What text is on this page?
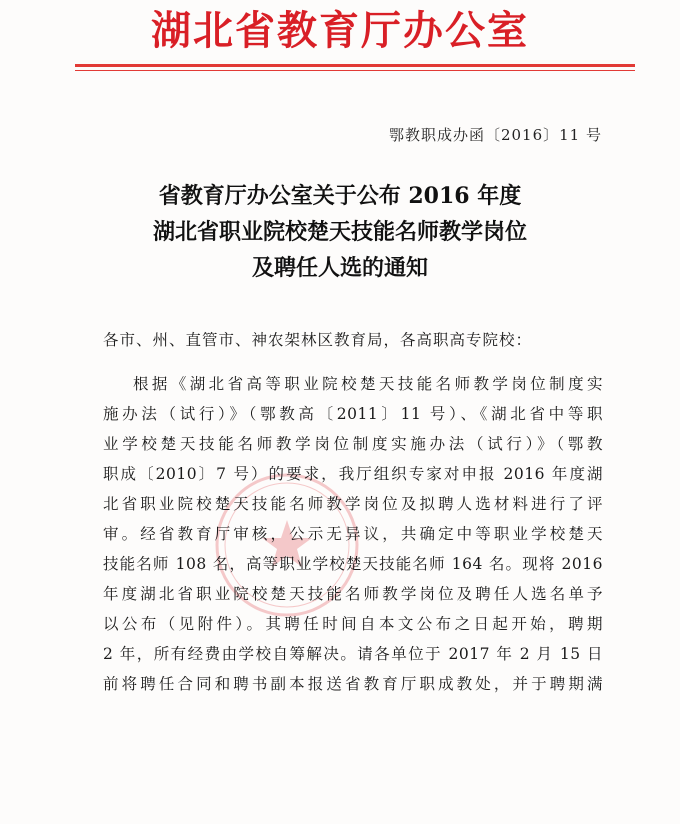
湖北省教育厅办公室
鄂教职成办函〔2016〕11 号
省教育厅办公室关于公布 2016 年度
湖北省职业院校楚天技能名师教学岗位
及聘任人选的通知
各市、州、直管市、神农架林区教育局，各高职高专院校：
根据《湖北省高等职业院校楚天技能名师教学岗位制度实
施办法（试行）》（鄂教高〔2011〕11 号）、《湖北省中等职
业学校楚天技能名师教学岗位制度实施办法（试行）》（鄂教
职成〔2010〕7 号）的要求，我厅组织专家对申报 2016 年度湖
北省职业院校楚天技能名师教学岗位及拟聘人选材料进行了评
审。经省教育厅审核，公示无异议，共确定中等职业学校楚天
技能名师 108 名，高等职业学校楚天技能名师 164 名。现将 2016
年度湖北省职业院校楚天技能名师教学岗位及聘任人选名单予
以公布（见附件）。其聘任时间自本文公布之日起开始，聘期
2 年，所有经费由学校自筹解决。请各单位于 2017 年 2 月 15 日
前将聘任合同和聘书副本报送省教育厅职成教处，并于聘期满
